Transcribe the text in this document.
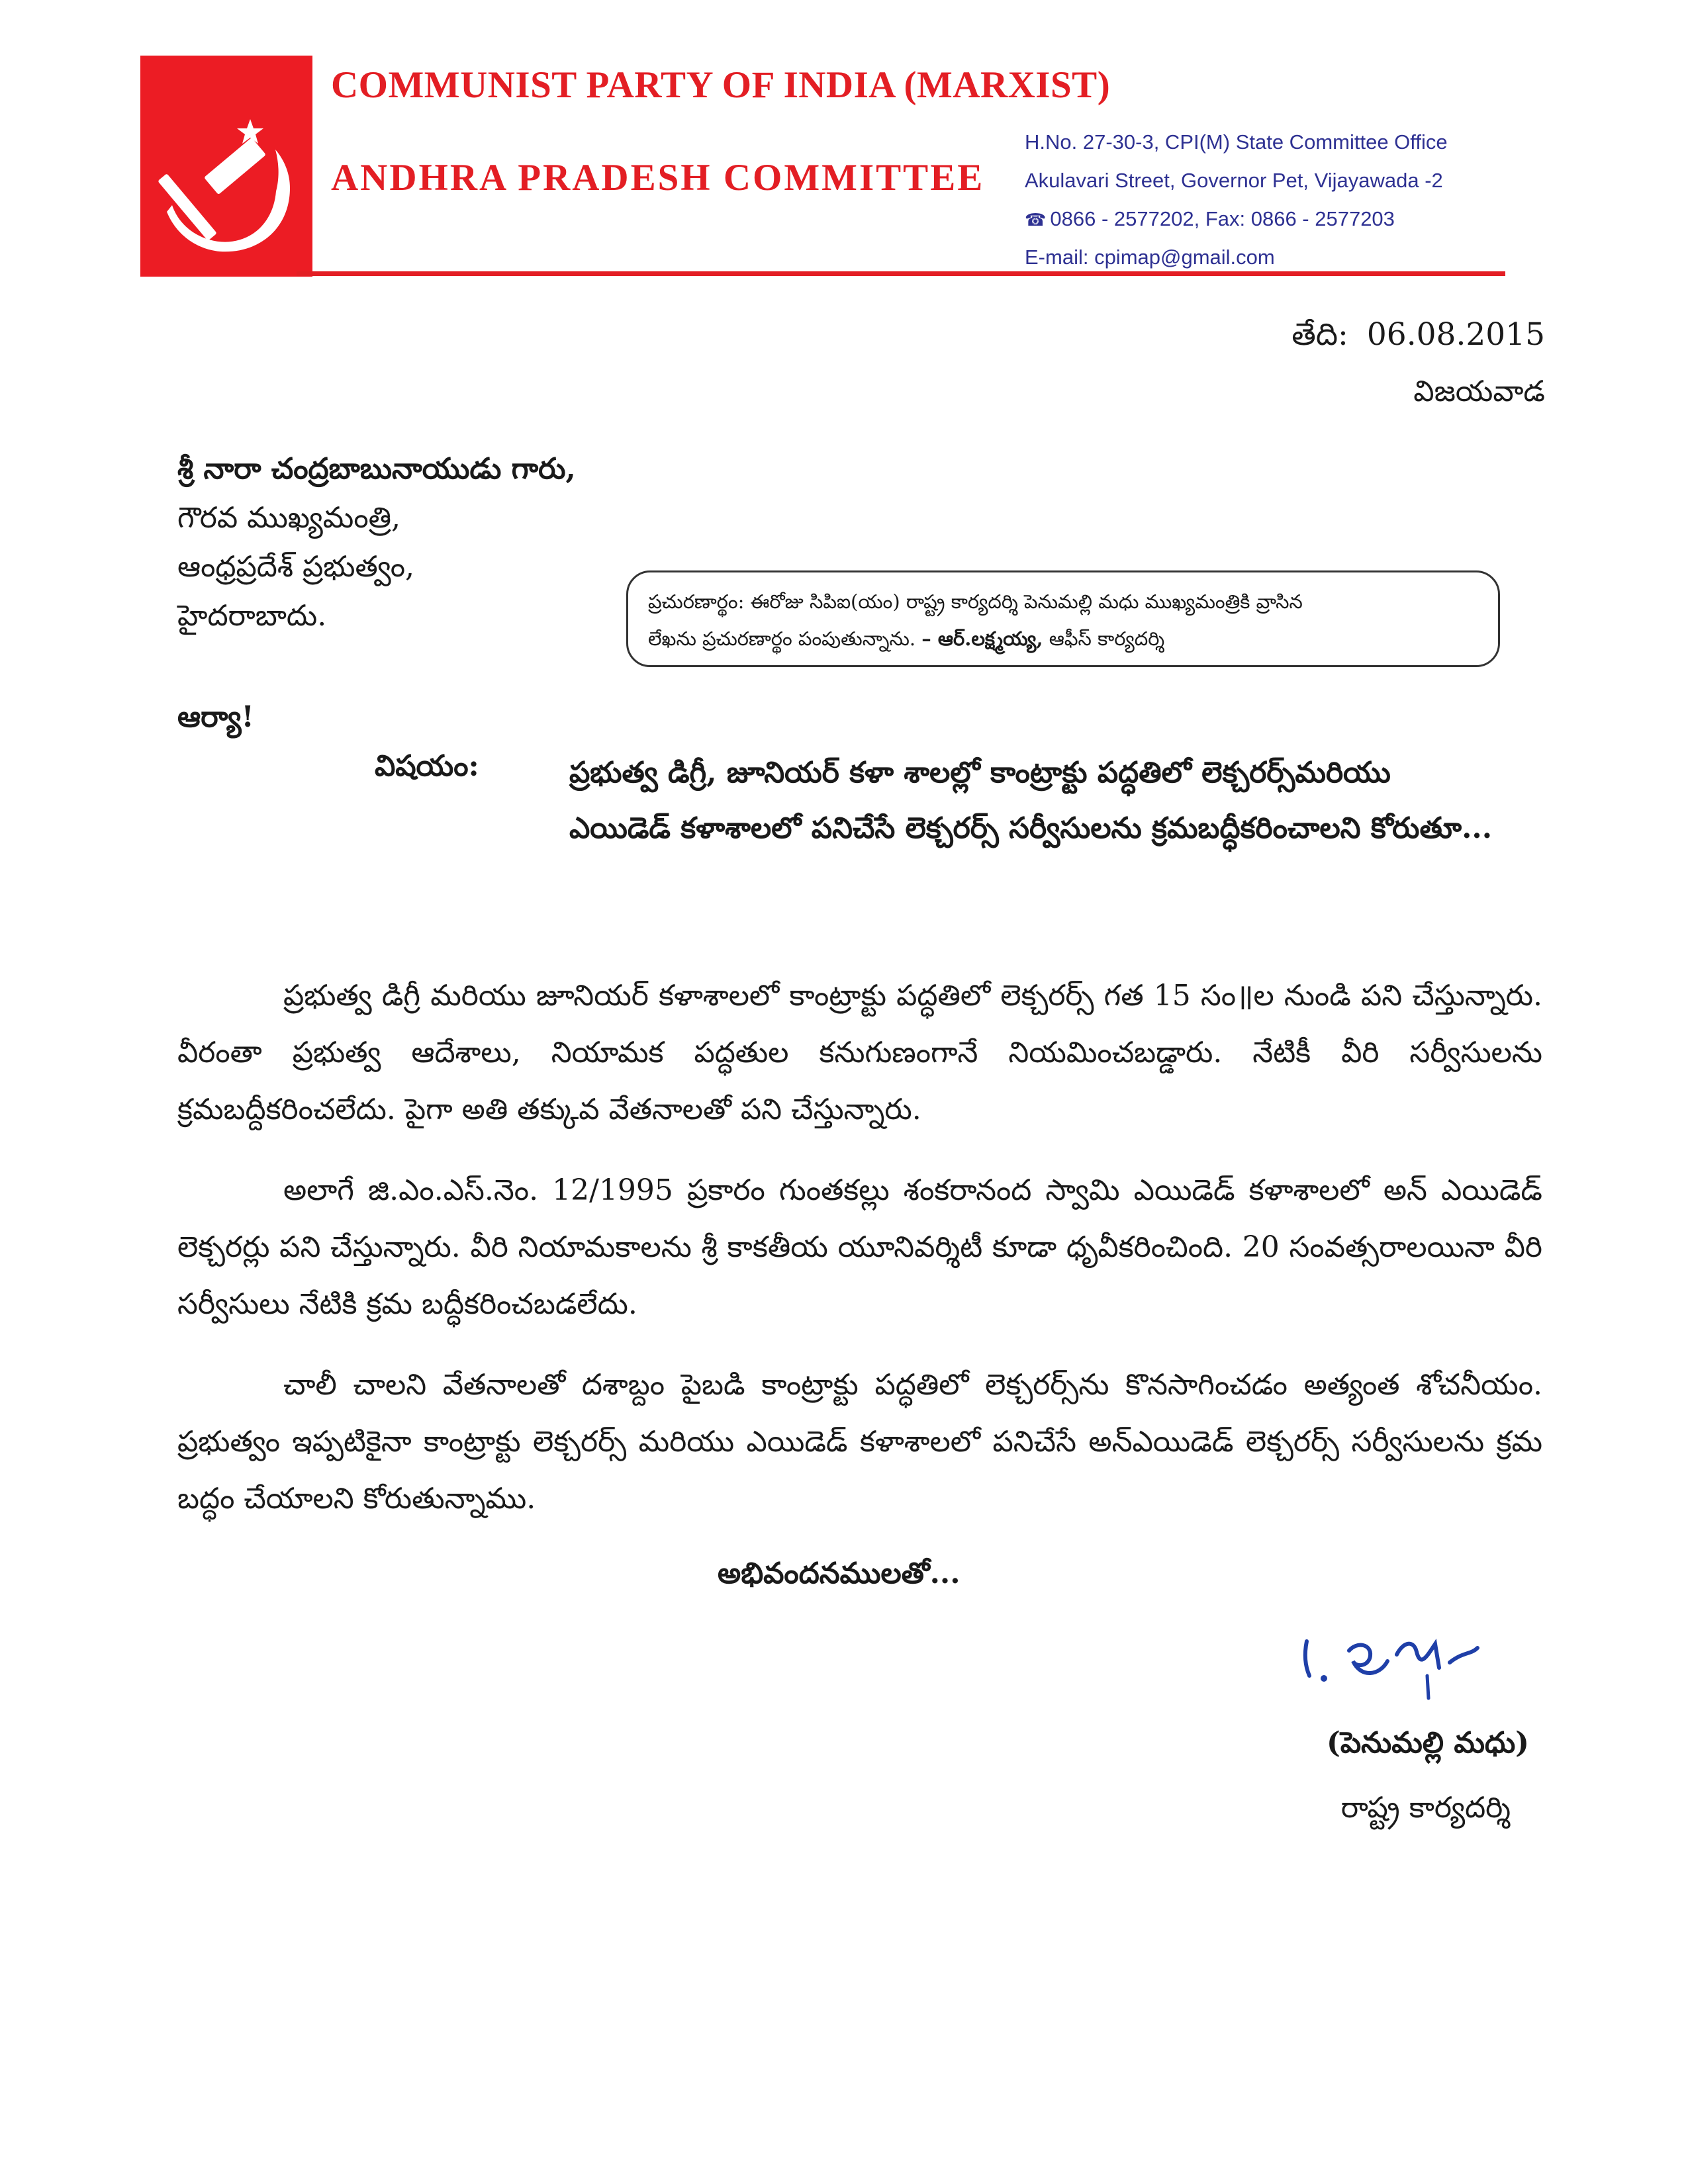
COMMUNIST PARTY OF INDIA (MARXIST)
ANDHRA PRADESH COMMITTEE
H.No. 27-30-3, CPI(M) State Committee Office
Akulavari Street, Governor Pet, Vijayawada -2
☎ 0866 - 2577202, Fax: 0866 - 2577203
E-mail: cpimap@gmail.com
తేది: 06.08.2015
విజయవాడ
శ్రీ నారా చంద్రబాబునాయుడు గారు,
గౌరవ ముఖ్యమంత్రి,
ఆంధ్రప్రదేశ్ ప్రభుత్వం,
హైదరాబాదు.	ప్రచురణార్థం: ఈరోజు సిపిఐ(యం) రాష్ట్ర కార్యదర్శి పెనుమల్లి మధు ముఖ్యమంత్రికి వ్రాసిన
లేఖను ప్రచురణార్థం పంపుతున్నాను. – ఆర్.లక్ష్మయ్య, ఆఫీస్ కార్యదర్శి
ఆర్యా!
విషయం:	ప్రభుత్వ డిగ్రీ, జూనియర్ కళా శాలల్లో కాంట్రాక్టు పద్ధతిలో లెక్చరర్స్‌మరియు
ఎయిడెడ్ కళాశాలలో పనిచేసే లెక్చరర్స్ సర్వీసులను క్రమబద్ధీకరించాలని కోరుతూ...

ప్రభుత్వ డిగ్రీ మరియు జూనియర్ కళాశాలలో కాంట్రాక్టు పద్ధతిలో లెక్చరర్స్ గత 15 సం॥ల నుండి పని చేస్తున్నారు. వీరంతా ప్రభుత్వ ఆదేశాలు, నియామక పద్ధతుల కనుగుణంగానే నియమించబడ్డారు. నేటికీ వీరి సర్వీసులను క్రమబద్దీకరించలేదు. పైగా అతి తక్కువ వేతనాలతో పని చేస్తున్నారు.

అలాగే జి.ఎం.ఎస్.నెం. 12/1995 ప్రకారం గుంతకల్లు శంకరానంద స్వామి ఎయిడెడ్ కళాశాలలో అన్ ఎయిడెడ్ లెక్చరర్లు పని చేస్తున్నారు. వీరి నియామకాలను శ్రీ కాకతీయ యూనివర్శిటీ కూడా ధృవీకరించింది. 20 సంవత్సరాలయినా వీరి సర్వీసులు నేటికి క్రమ బద్ధీకరించబడలేదు.

చాలీ చాలని వేతనాలతో దశాబ్దం పైబడి కాంట్రాక్టు పద్ధతిలో లెక్చరర్స్‌ను కొనసాగించడం అత్యంత శోచనీయం. ప్రభుత్వం ఇప్పటికైనా కాంట్రాక్టు లెక్చరర్స్ మరియు ఎయిడెడ్ కళాశాలలో పనిచేసే అన్‌ఎయిడెడ్ లెక్చరర్స్ సర్వీసులను క్రమ బద్ధం చేయాలని కోరుతున్నాము.

అభివందనములతో...
(పెనుమల్లి మధు)
రాష్ట్ర కార్యదర్శి
